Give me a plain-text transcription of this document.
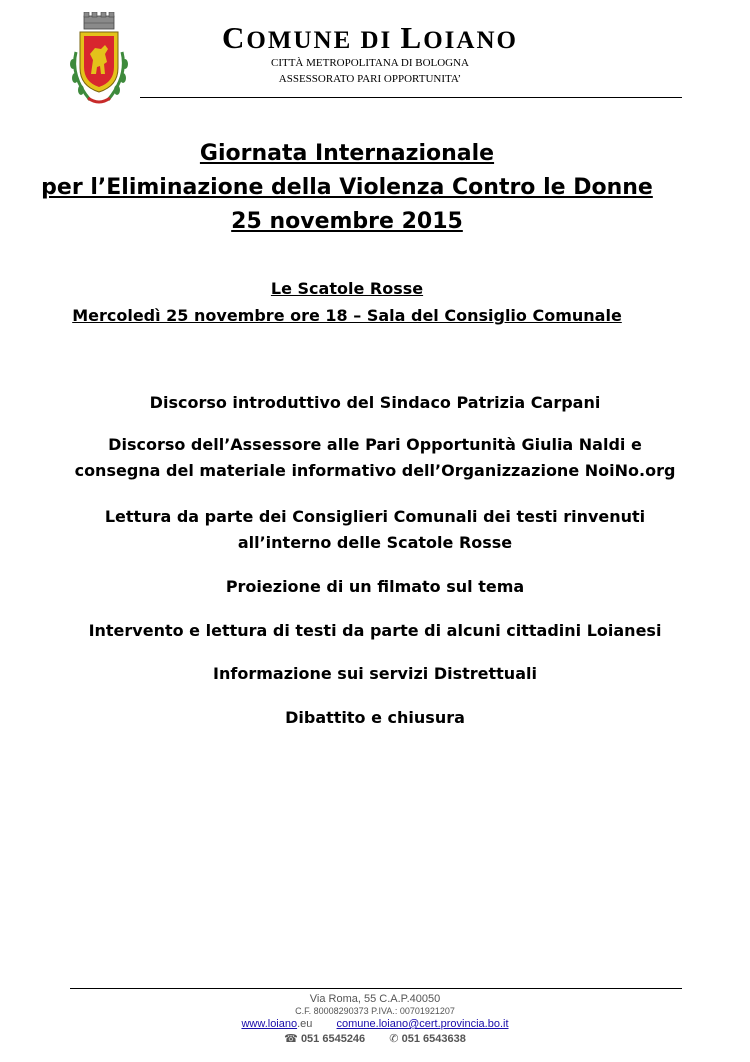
COMUNE DI LOIANO
CITTÀ METROPOLITANA DI BOLOGNA
ASSESSORATO PARI OPPORTUNITA’
Giornata Internazionale
per l’Eliminazione della Violenza Contro le Donne
25 novembre 2015
Le Scatole Rosse
Mercoledì 25 novembre ore 18 – Sala del Consiglio Comunale
Discorso introduttivo del Sindaco Patrizia Carpani
Discorso dell’Assessore alle Pari Opportunità Giulia Naldi e
consegna del materiale informativo dell’Organizzazione NoiNo.org
Lettura da parte dei Consiglieri Comunali dei testi rinvenuti
all’interno delle Scatole Rosse
Proiezione di un filmato sul tema
Intervento e lettura di testi da parte di alcuni cittadini Loianesi
Informazione sui servizi Distrettuali
Dibattito e chiusura
Via Roma, 55 C.A.P.40050
C.F. 80008290373 P.IVA.: 00701921207
www.loiano.eu comune.loiano@cert.provincia.bo.it
☎ 051 6545246 ✆ 051 6543638
